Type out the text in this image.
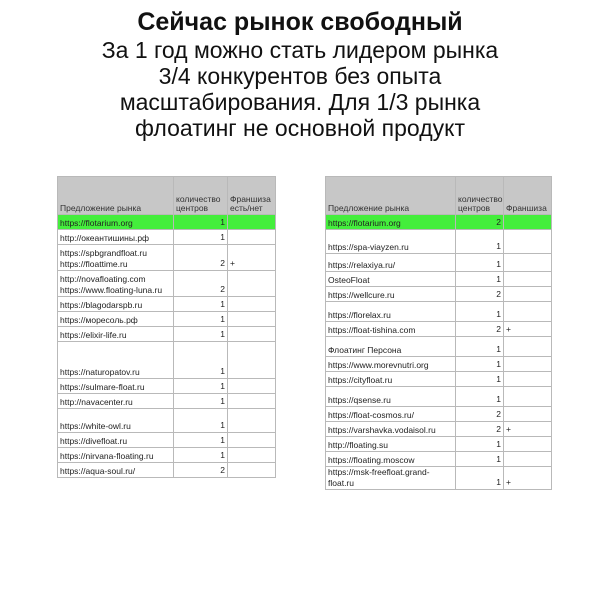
Сейчас рынок свободный
За 1 год можно стать лидером рынка
3/4 конкурентов без опыта
масштабирования. Для 1/3 рынка
флоатинг не основной продукт
Предложение рынка	количество центров	Франшиза есть/нет
https://flotarium.org	1	
http://океантишины.рф	1	
https://spbgrandfloat.ru
https://floattime.ru	2	+
http://novafloating.com
https://www.floating-luna.ru	2	
https://blagodarspb.ru	1	
https://мореcоль.рф	1	
https://elixir-life.ru	1	
https://naturopatov.ru	1	
https://sulmare-float.ru	1	
http://navacenter.ru	1	
https://white-owl.ru	1	
https://divefloat.ru	1	
https://nirvana-floating.ru	1	
https://aqua-soul.ru/	2	
Предложение рынка	количество центров	Франшиза
https://flotarium.org	2	
https://spa-viayzen.ru	1	
https://relaxiya.ru/	1	
OsteoFloat	1	
https://wellcure.ru	2	
https://florelax.ru	1	
https://float-tishina.com	2	+
Флоатинг Персона	1	
https://www.morevnutri.org	1	
https://cityfloat.ru	1	
https://qsense.ru	1	
https://float-cosmos.ru/	2	
https://varshavka.vodaisol.ru	2	+
http://floating.su	1	
https://floating.moscow	1	
https://msk-freefloat.grand-float.ru	1	+
